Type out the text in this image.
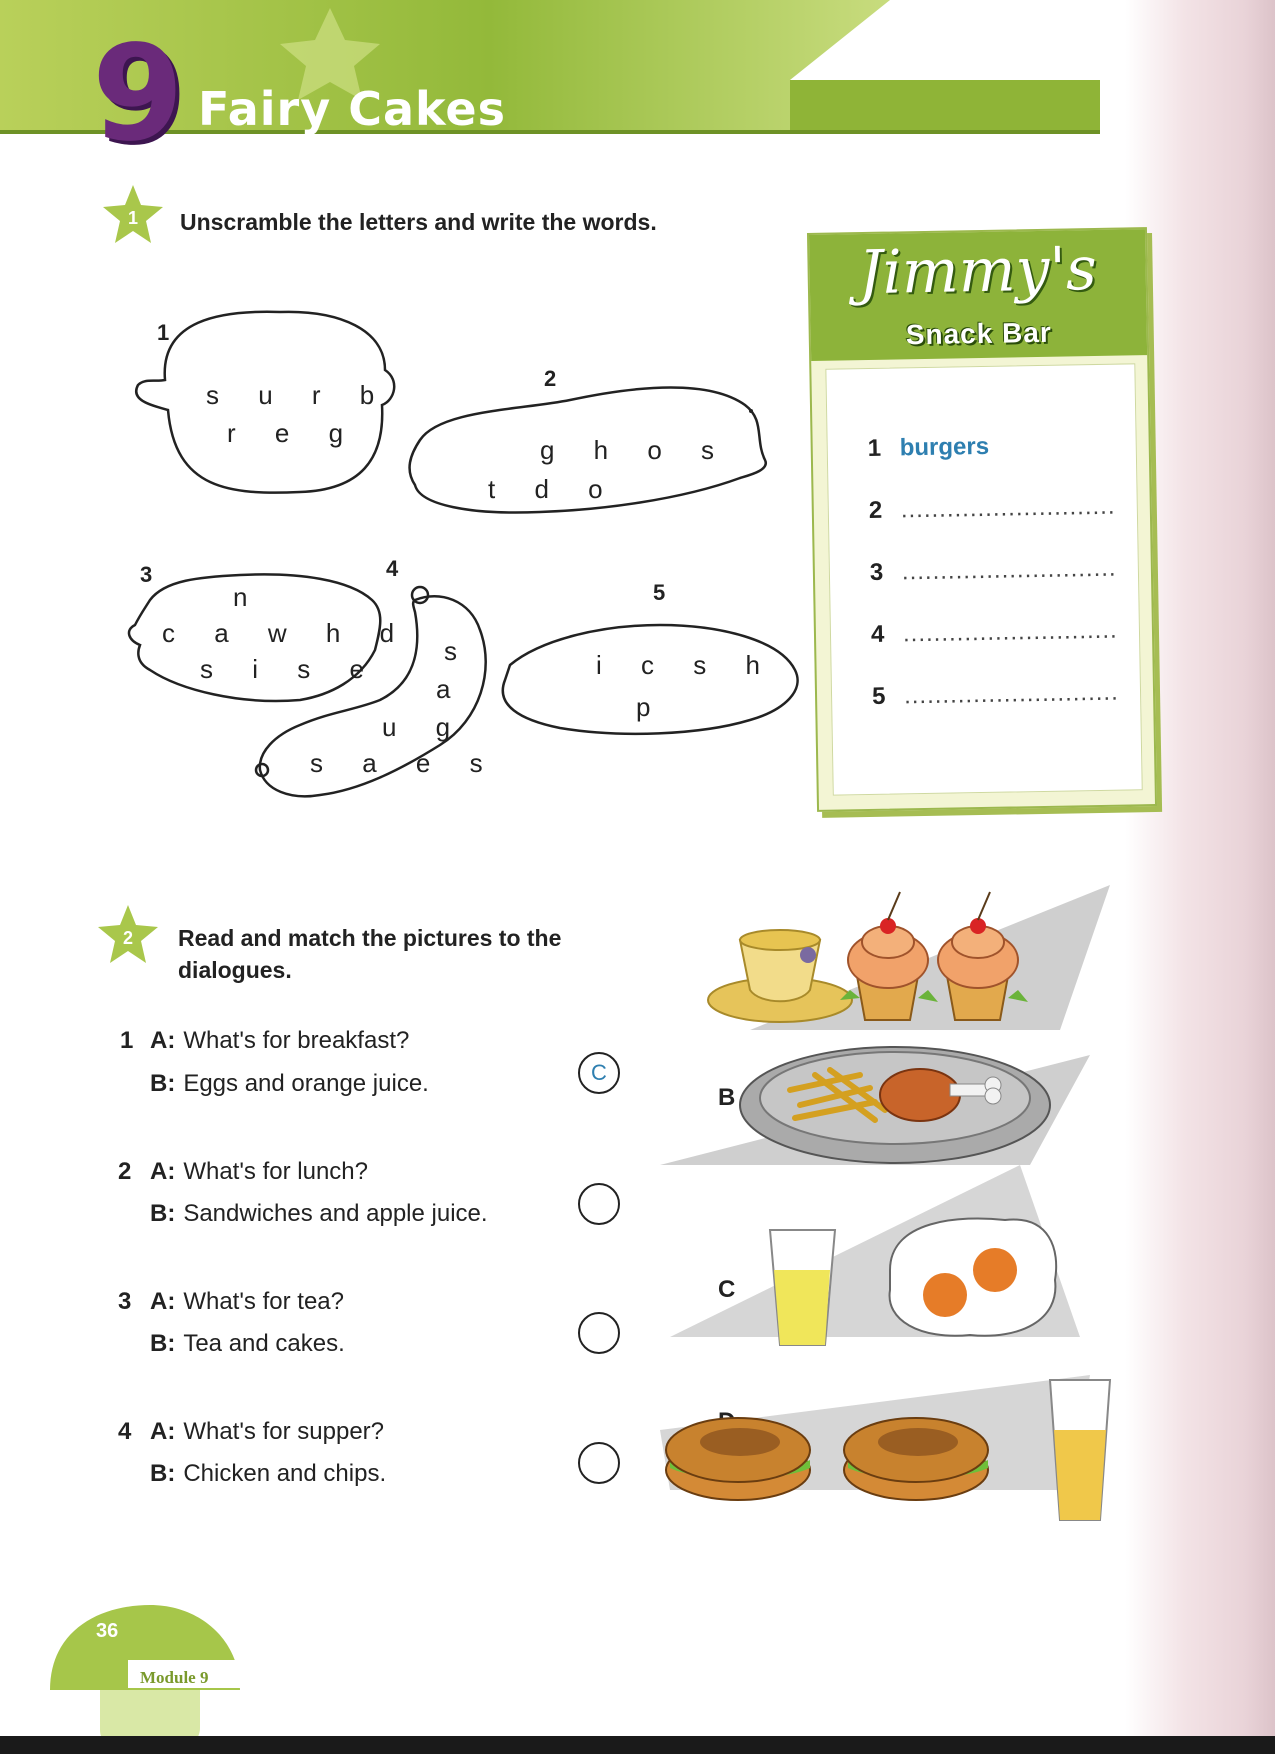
9 Fairy Cakes
1	Unscramble the letters and write the words.
1
s u r b
r e g
2
g h o s
t d o
3
n
c a w h d
s i s e
4
s
a
u g
s a e s
5
i c s h
p
Jimmy's
Snack Bar
1 burgers
2 ............................
3 ............................
4 ............................
5 ............................
2	Read and match the pictures to the
dialogues.
1 A: What's for breakfast?
B: Eggs and orange juice.	C
2 A: What's for lunch?
B: Sandwiches and apple juice.
3 A: What's for tea?
B: Tea and cakes.
4 A: What's for supper?
B: Chicken and chips.
B
C
36
Module 9
